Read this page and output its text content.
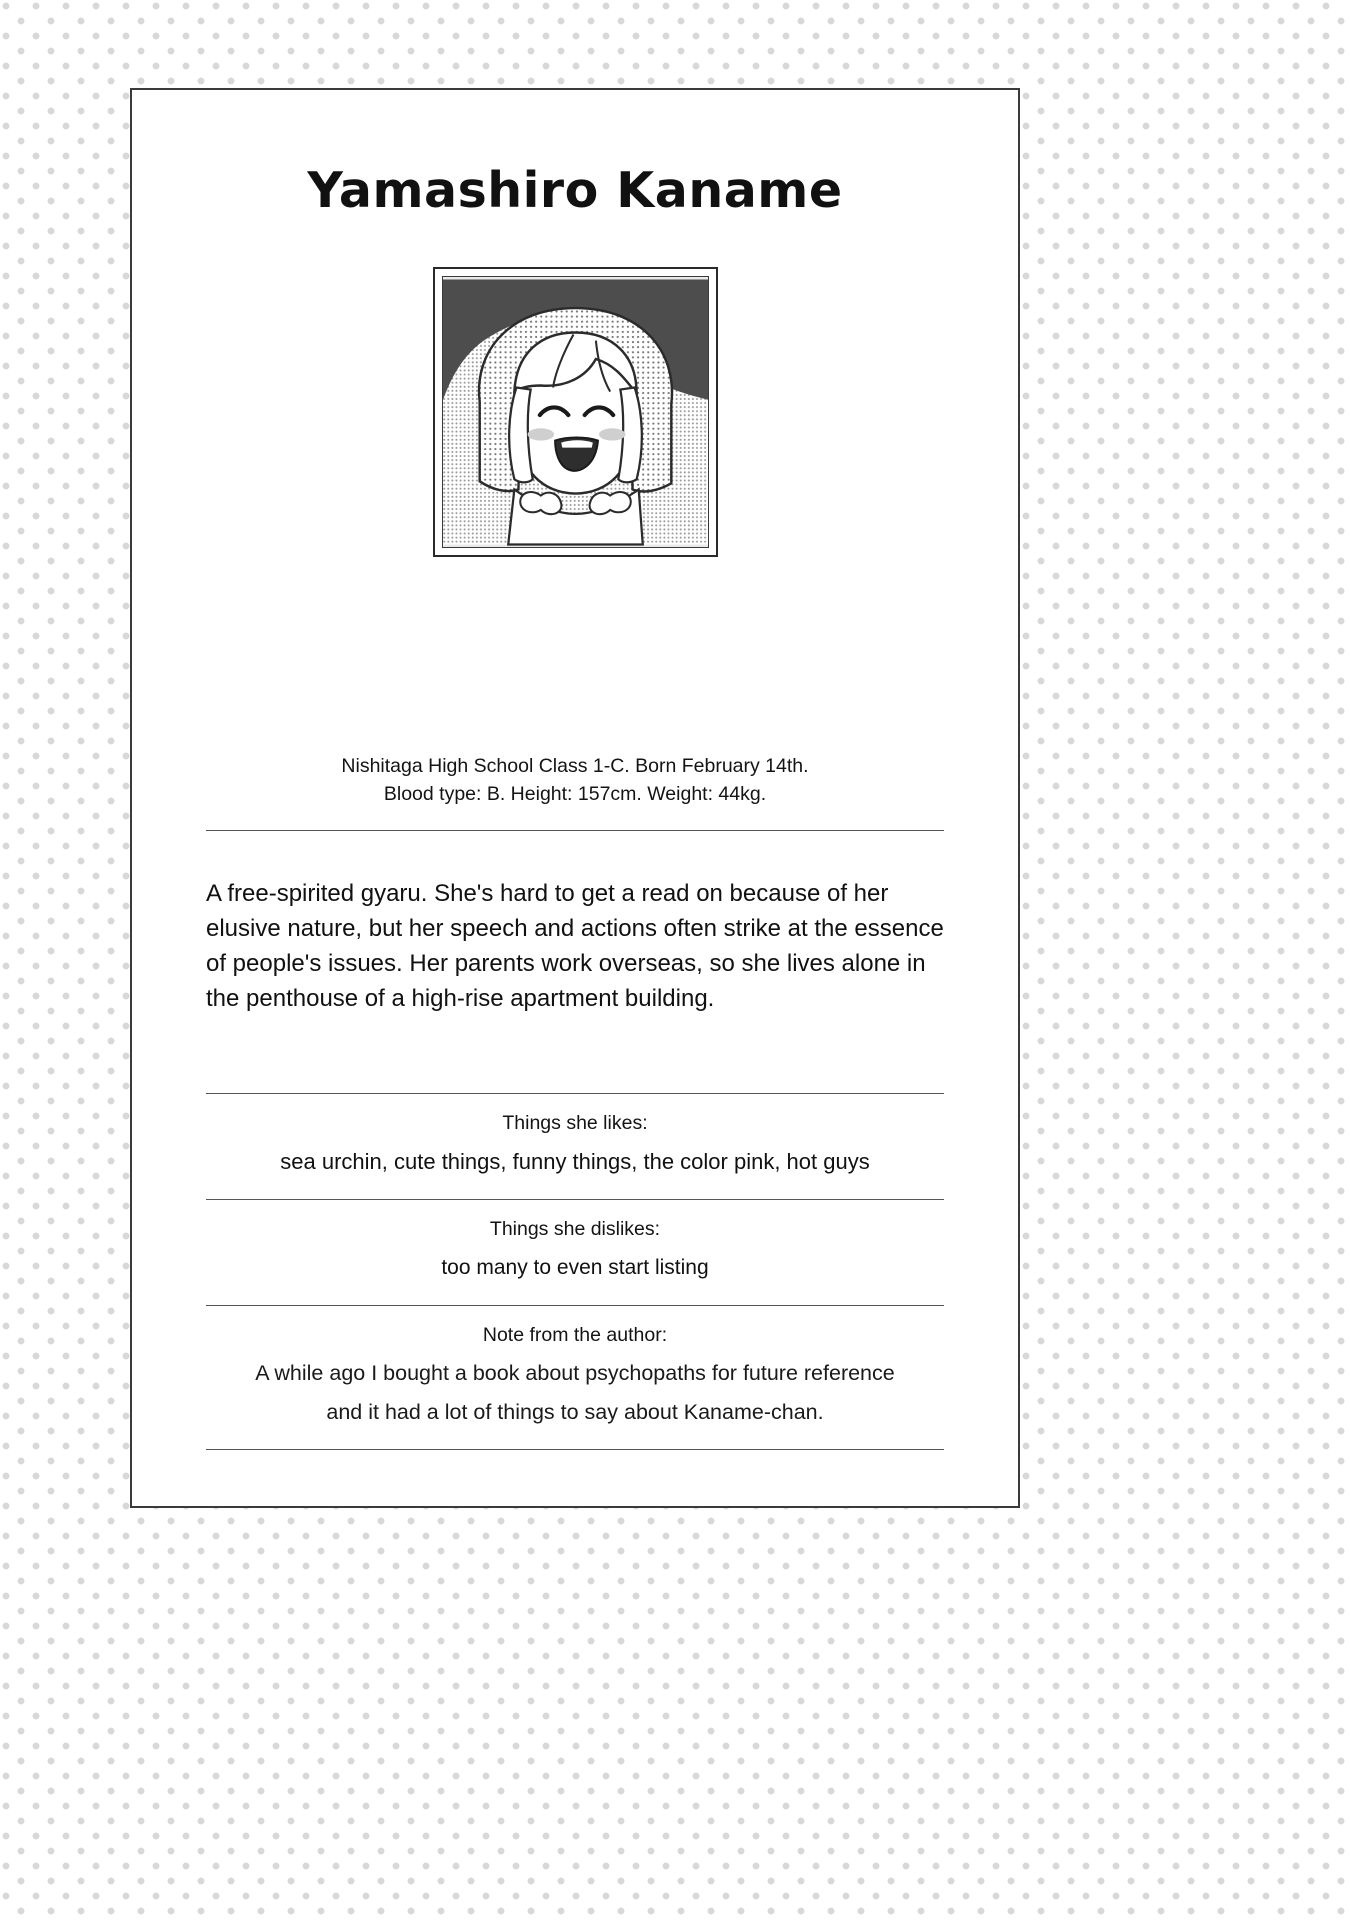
Yamashiro Kaname
Nishitaga High School Class 1-C. Born February 14th.
Blood type: B. Height: 157cm. Weight: 44kg.
A free-spirited gyaru. She's hard to get a read on because of her elusive nature, but her speech and actions often strike at the essence of people's issues. Her parents work overseas, so she lives alone in the penthouse of a high-rise apartment building.
Things she likes:
sea urchin, cute things, funny things, the color pink, hot guys
Things she dislikes:
too many to even start listing
Note from the author:
A while ago I bought a book about psychopaths for future reference
and it had a lot of things to say about Kaname-chan.
